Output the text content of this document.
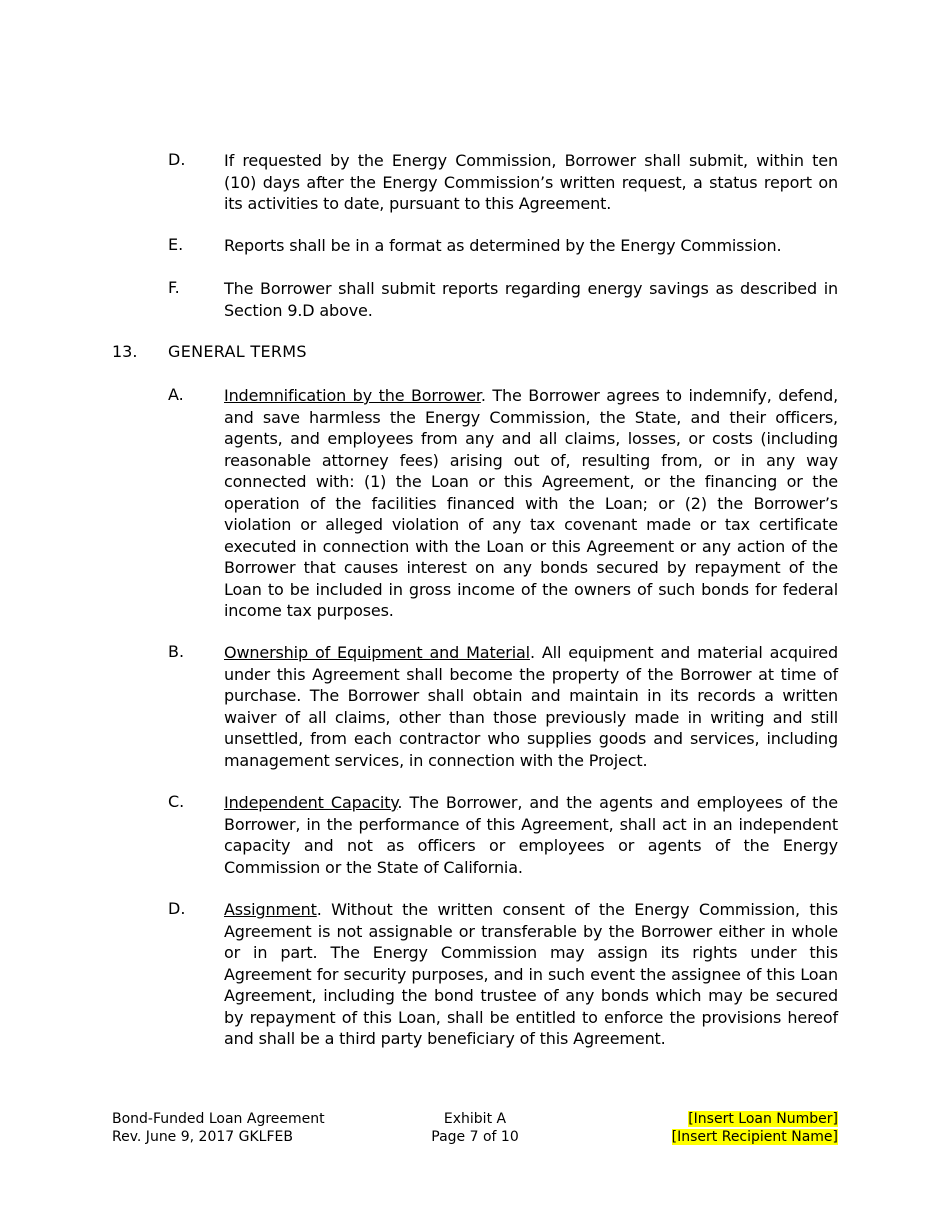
D. If requested by the Energy Commission, Borrower shall submit, within ten (10) days after the Energy Commission’s written request, a status report on its activities to date, pursuant to this Agreement.
E.	Reports shall be in a format as determined by the Energy Commission.
F.	The Borrower shall submit reports regarding energy savings as described in Section 9.D above.
13. GENERAL TERMS
A.	Indemnification by the Borrower. The Borrower agrees to indemnify, defend, and save harmless the Energy Commission, the State, and their officers, agents, and employees from any and all claims, losses, or costs (including reasonable attorney fees) arising out of, resulting from, or in any way connected with: (1) the Loan or this Agreement, or the financing or the operation of the facilities financed with the Loan; or (2) the Borrower’s violation or alleged violation of any tax covenant made or tax certificate executed in connection with the Loan or this Agreement or any action of the Borrower that causes interest on any bonds secured by repayment of the Loan to be included in gross income of the owners of such bonds for federal income tax purposes.
B. Ownership of Equipment and Material. All equipment and material acquired under this Agreement shall become the property of the Borrower at time of purchase. The Borrower shall obtain and maintain in its records a written waiver of all claims, other than those previously made in writing and still unsettled, from each contractor who supplies goods and services, including management services, in connection with the Project.
C. Independent Capacity. The Borrower, and the agents and employees of the Borrower, in the performance of this Agreement, shall act in an independent capacity and not as officers or employees or agents of the Energy Commission or the State of California.
D. Assignment. Without the written consent of the Energy Commission, this Agreement is not assignable or transferable by the Borrower either in whole or in part. The Energy Commission may assign its rights under this Agreement for security purposes, and in such event the assignee of this Loan Agreement, including the bond trustee of any bonds which may be secured by repayment of this Loan, shall be entitled to enforce the provisions hereof and shall be a third party beneficiary of this Agreement.
Bond-Funded Loan Agreement
Rev. June 9, 2017 GKLFEB
Exhibit A
Page 7 of 10
[Insert Loan Number]
[Insert Recipient Name]
